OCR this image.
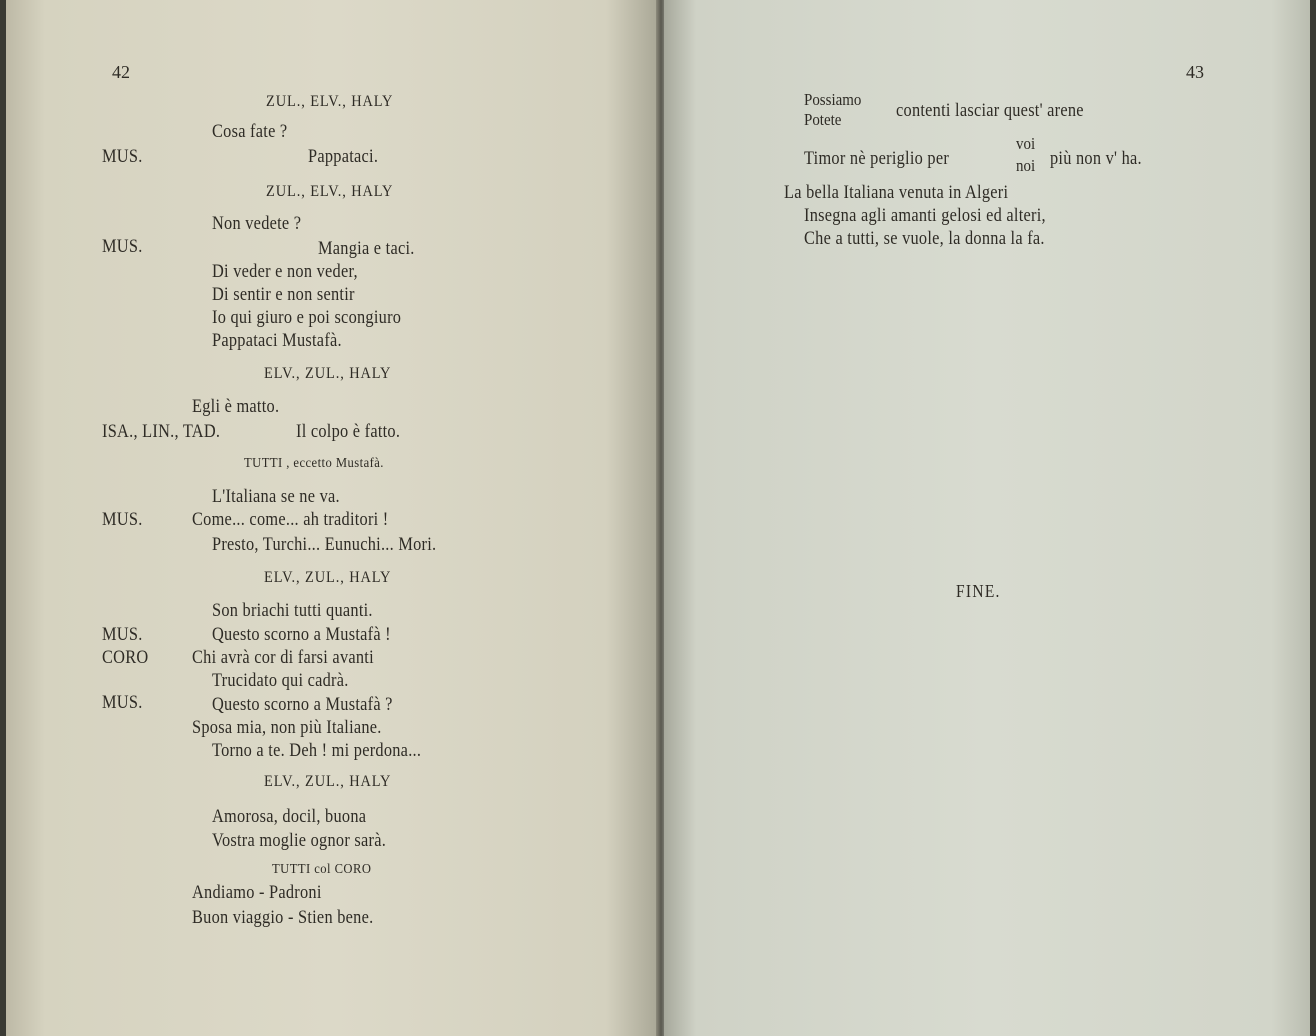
42
ZUL., ELV., HALY
Cosa fate ?
MUS.	Pappataci.
ZUL., ELV., HALY
Non vedete ?
MUS.	Mangia e taci.
Di veder e non veder,
Di sentir e non sentir
Io qui giuro e poi scongiuro
Pappataci Mustafà.
ELV., ZUL., HALY
Egli è matto.
ISA., LIN., TAD.	Il colpo è fatto.
TUTTI , eccetto Mustafà.
L'Italiana se ne va.
MUS.	Come... come... ah traditori !
Presto, Turchi... Eunuchi... Mori.
ELV., ZUL., HALY
Son briachi tutti quanti.
MUS.	Questo scorno a Mustafà !
CORO Chi avrà cor di farsi avanti
Trucidato qui cadrà.
MUS.	Questo scorno a Mustafà ?
Sposa mia, non più Italiane.
Torno a te. Deh ! mi perdona...
ELV., ZUL., HALY
Amorosa, docil, buona
Vostra moglie ognor sarà.
TUTTI col CORO
Andiamo - Padroni
Buon viaggio - Stien bene.
43
Possiamo
Potete	contenti lasciar quest' arene
Timor nè periglio per
voi
noi più non v' ha.
La bella Italiana venuta in Algeri
Insegna agli amanti gelosi ed alteri,
Che a tutti, se vuole, la donna la fa.
FINE.
